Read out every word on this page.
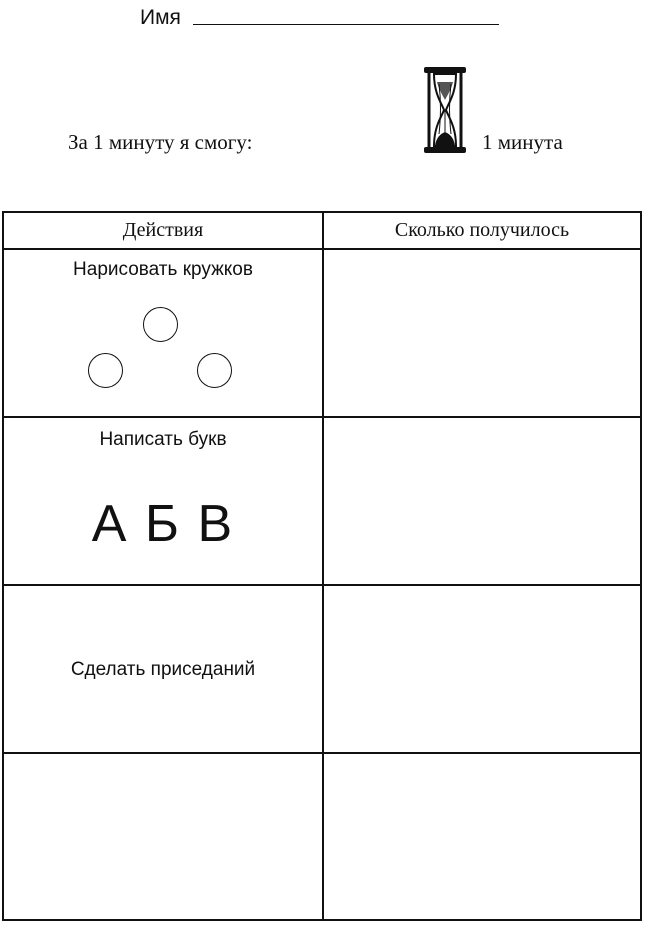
Имя
За 1 минуту я смогу:	1 минута
Действия	Сколько получилось
Нарисовать кружков
Написать букв
А Б В
Сделать приседаний
